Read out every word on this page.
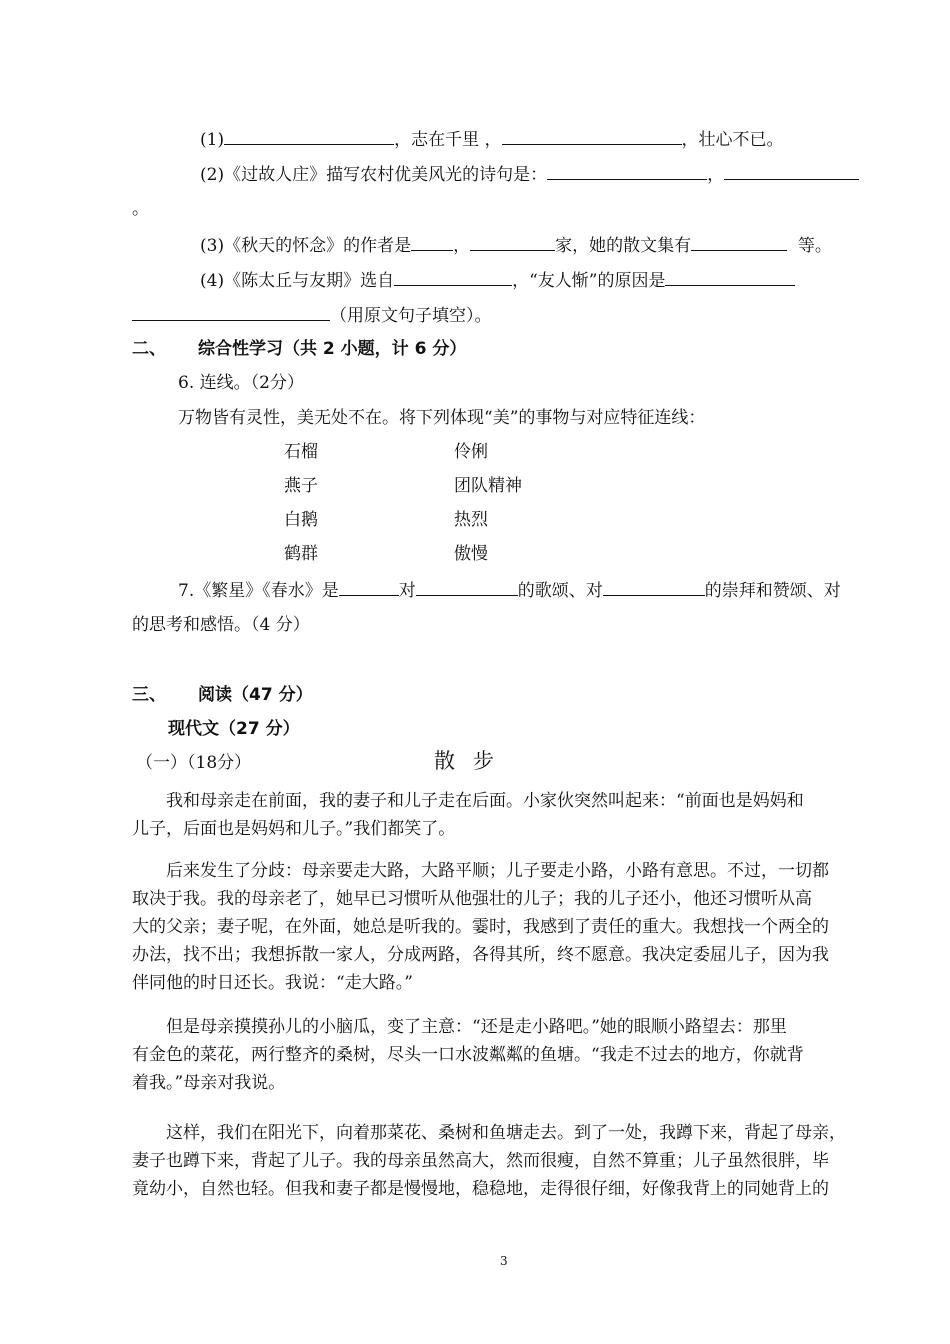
(1)	，志在千里 ，	，壮心不已。
(2)《过故人庄》描写农村优美风光的诗句是：	，
。
(3)《秋天的怀念》的作者是 ，	家，她的散文集有	等。
(4)《陈太丘与友期》选自	，“友人惭”的原因是
（用原文句子填空）。
二、 综合性学习（共 2 小题，计 6 分）
6. 连线。（2分）
万物皆有灵性，美无处不在。将下列体现“美”的事物与对应特征连线：
石榴	伶俐
燕子	团队精神
白鹅	热烈
鹤群	傲慢
7.《繁星》《春水》是	对	的歌颂、对	的崇拜和赞颂、对
的思考和感悟。（4 分）
三、 阅读（47 分）
现代文（27 分）
（一）（18分）	散步
我和母亲走在前面，我的妻子和儿子走在后面。小家伙突然叫起来：“前面也是妈妈和
儿子，后面也是妈妈和儿子。”我们都笑了。
后来发生了分歧：母亲要走大路，大路平顺；儿子要走小路，小路有意思。不过，一切都
取决于我。我的母亲老了，她早已习惯听从他强壮的儿子；我的儿子还小，他还习惯听从高
大的父亲；妻子呢，在外面，她总是听我的。霎时，我感到了责任的重大。我想找一个两全的
办法，找不出；我想拆散一家人，分成两路，各得其所，终不愿意。我决定委屈儿子，因为我
伴同他的时日还长。我说：“走大路。”
但是母亲摸摸孙儿的小脑瓜，变了主意：“还是走小路吧。”她的眼顺小路望去：那里
有金色的菜花，两行整齐的桑树，尽头一口水波粼粼的鱼塘。“我走不过去的地方，你就背
着我。”母亲对我说。
这样，我们在阳光下，向着那菜花、桑树和鱼塘走去。到了一处，我蹲下来，背起了母亲，
妻子也蹲下来，背起了儿子。我的母亲虽然高大，然而很瘦，自然不算重；儿子虽然很胖，毕
竟幼小，自然也轻。但我和妻子都是慢慢地，稳稳地，走得很仔细，好像我背上的同她背上的
3
